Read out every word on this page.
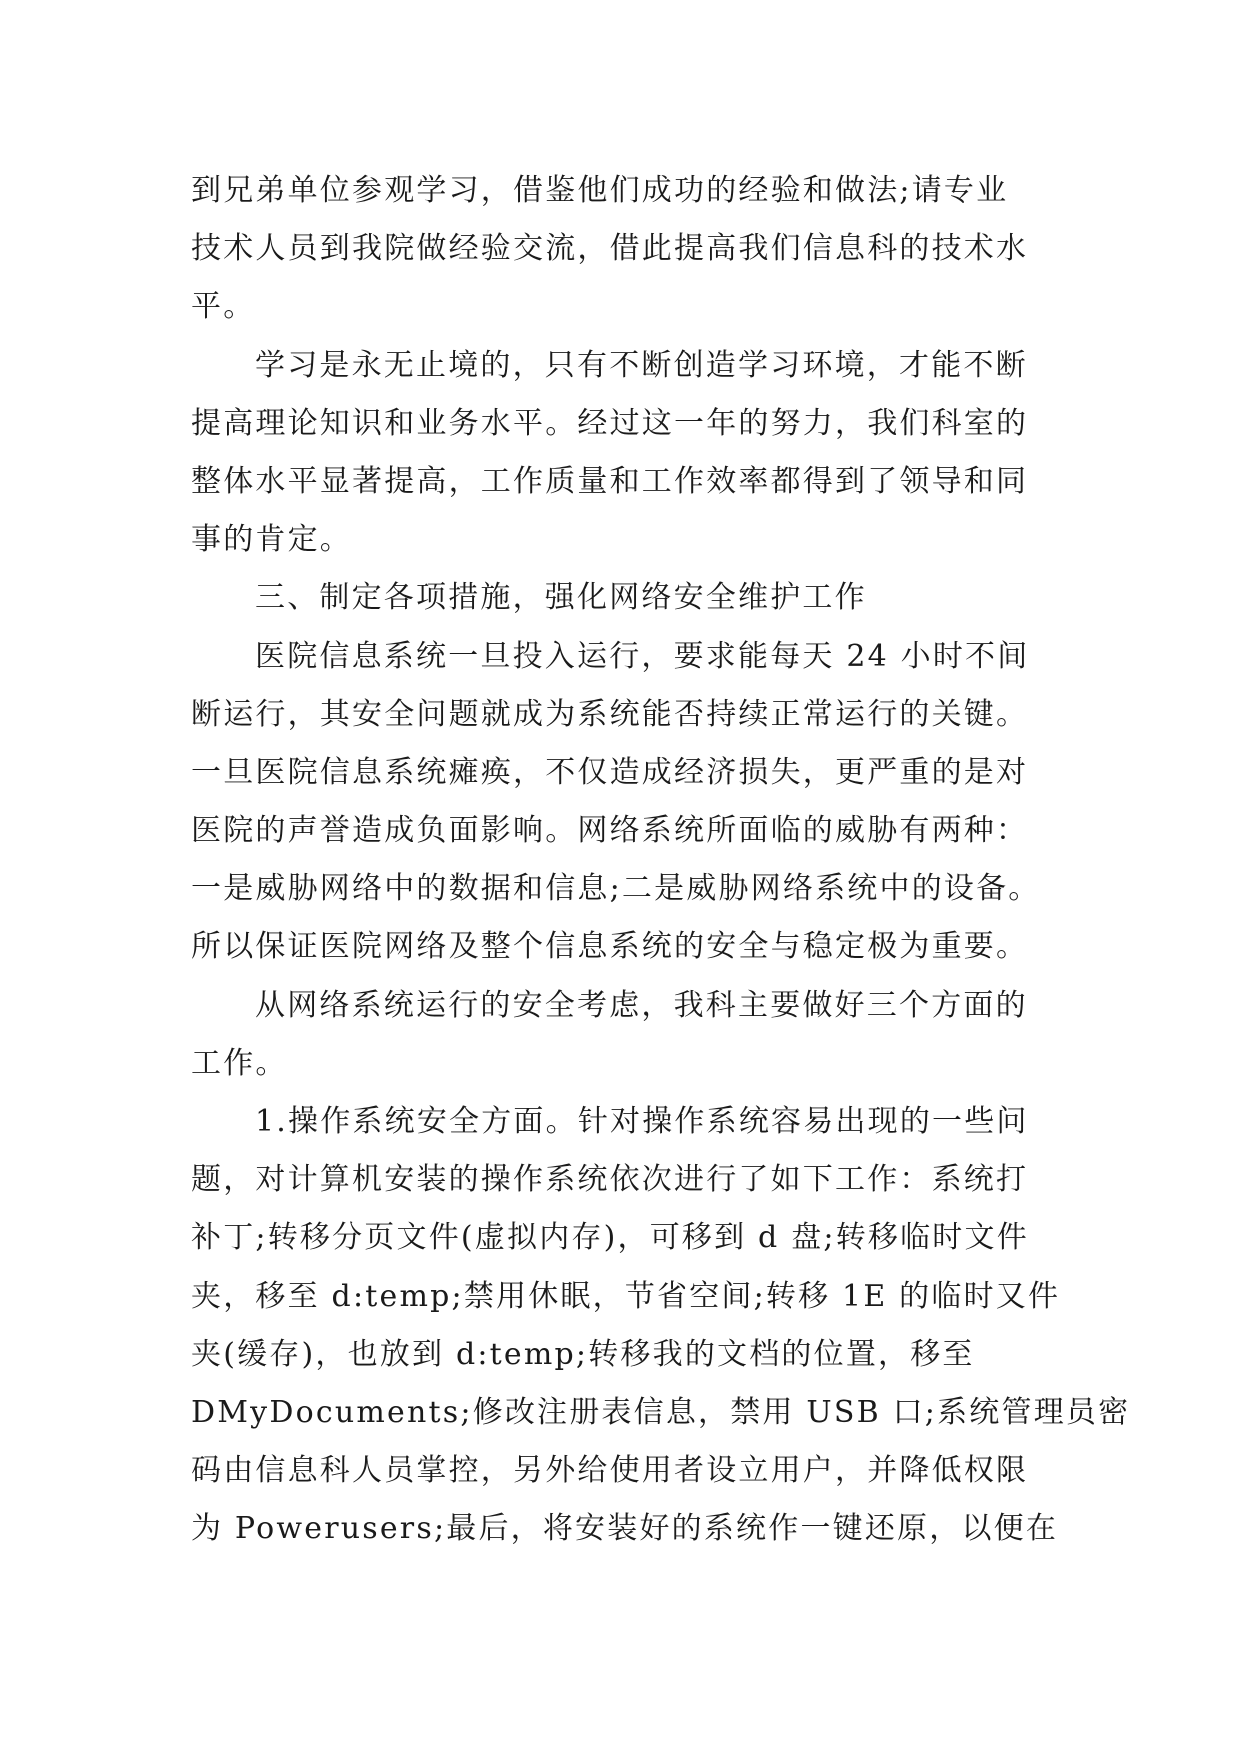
到兄弟单位参观学习，借鉴他们成功的经验和做法;请专业
技术人员到我院做经验交流，借此提高我们信息科的技术水
平。
学习是永无止境的，只有不断创造学习环境，才能不断
提高理论知识和业务水平。经过这一年的努力，我们科室的
整体水平显著提高，工作质量和工作效率都得到了领导和同
事的肯定。
三、制定各项措施，强化网络安全维护工作
医院信息系统一旦投入运行，要求能每天 24 小时不间
断运行，其安全问题就成为系统能否持续正常运行的关键。
一旦医院信息系统瘫痪，不仅造成经济损失，更严重的是对
医院的声誉造成负面影响。网络系统所面临的威胁有两种：
一是威胁网络中的数据和信息;二是威胁网络系统中的设备。
所以保证医院网络及整个信息系统的安全与稳定极为重要。
从网络系统运行的安全考虑，我科主要做好三个方面的
工作。
1.操作系统安全方面。针对操作系统容易出现的一些问
题，对计算机安装的操作系统依次进行了如下工作：系统打
补丁;转移分页文件(虚拟内存)，可移到 d 盘;转移临时文件
夹，移至 d:temp;禁用休眠，节省空间;转移 1E 的临时又件
夹(缓存)，也放到 d:temp;转移我的文档的位置，移至
DMyDocuments;修改注册表信息，禁用 USB 口;系统管理员密
码由信息科人员掌控，另外给使用者设立用户，并降低权限
为 Powerusers;最后，将安装好的系统作一键还原，以便在
